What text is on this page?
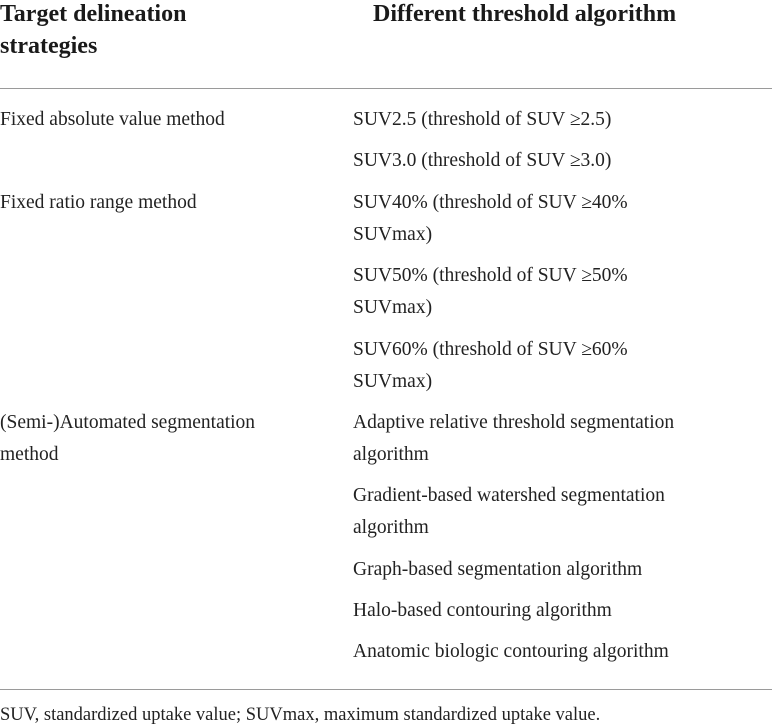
Target delineation
strategies
Different threshold algorithm
Fixed absolute value method	SUV2.5 (threshold of SUV ≥2.5)
SUV3.0 (threshold of SUV ≥3.0)
Fixed ratio range method	SUV40% (threshold of SUV ≥40%
SUVmax)
SUV50% (threshold of SUV ≥50%
SUVmax)
SUV60% (threshold of SUV ≥60%
SUVmax)
(Semi-)Automated segmentation
method
Adaptive relative threshold segmentation
algorithm
Gradient-based watershed segmentation
algorithm
Graph-based segmentation algorithm
Halo-based contouring algorithm
Anatomic biologic contouring algorithm
SUV, standardized uptake value; SUVmax, maximum standardized uptake value.
